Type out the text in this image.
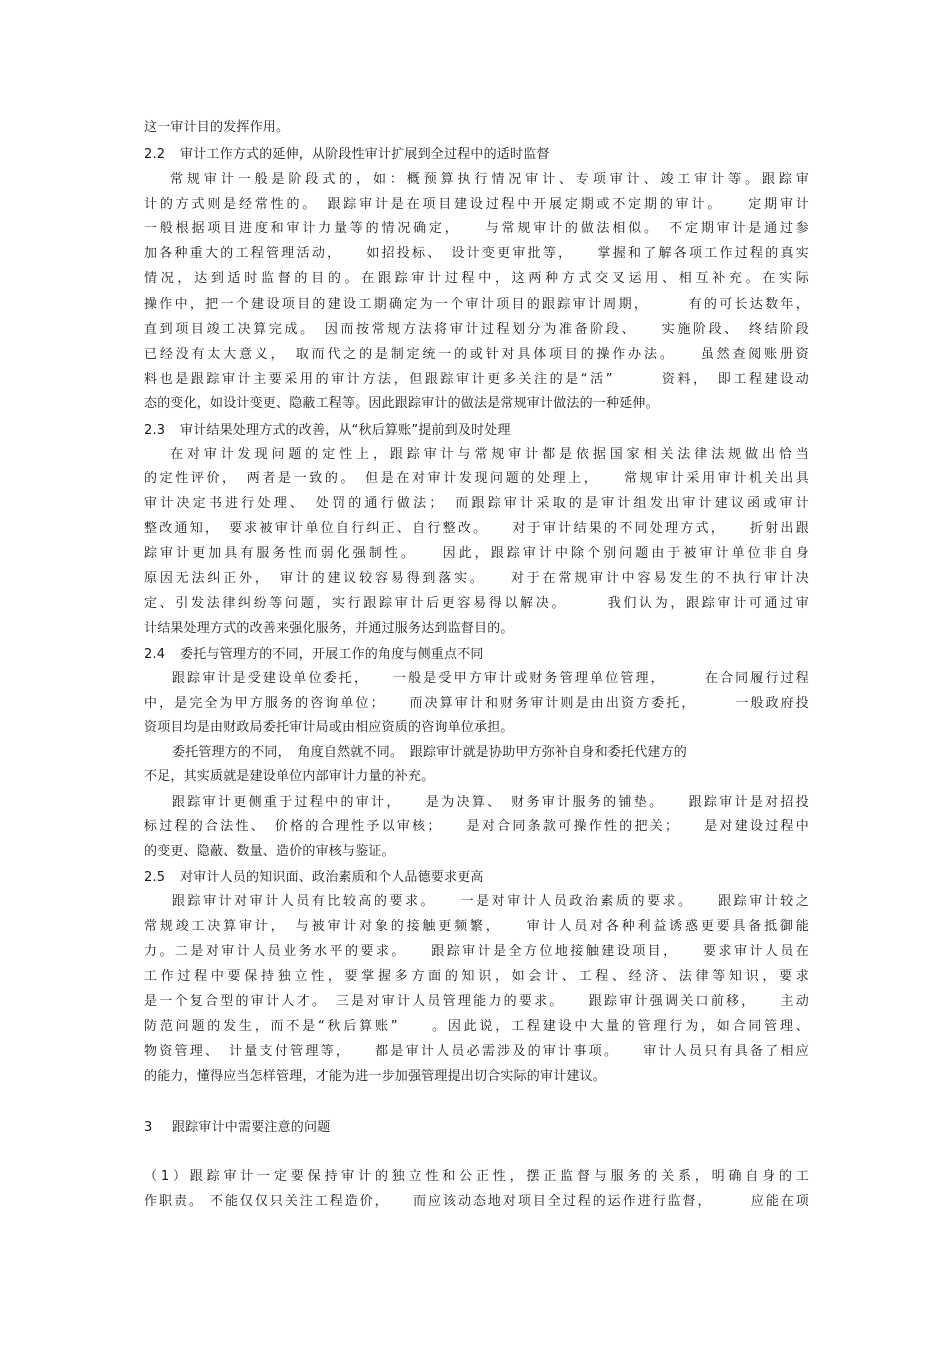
这一审计目的发挥作用。
2.2 审计工作方式的延伸，从阶段性审计扩展到全过程中的适时监督
常规审计一般是阶段式的，如：概预算执行情况审计、专项审计、竣工审计等。跟踪审
计的方式则是经常性的。　跟踪审计是在项目建设过程中开展定期或不定期的审计。　　定期审计
一般根据项目进度和审计力量等的情况确定，　　与常规审计的做法相似。　不定期审计是通过参
加各种重大的工程管理活动，　　如招投标、　设计变更审批等，　　掌握和了解各项工作过程的真实
情况，达到适时监督的目的。在跟踪审计过程中，这两种方式交叉运用、相互补充。在实际
操作中，把一个建设项目的建设工期确定为一个审计项目的跟踪审计周期，　　　有的可长达数年，
直到项目竣工决算完成。　因而按常规方法将审计过程划分为准备阶段、　　实施阶段、　终结阶段
已经没有太大意义，　取而代之的是制定统一的或针对具体项目的操作办法。　　虽然查阅账册资
料也是跟踪审计主要采用的审计方法，但跟踪审计更多关注的是“活”　　　资料，　即工程建设动
态的变化，如设计变更、隐蔽工程等。因此跟踪审计的做法是常规审计做法的一种延伸。
2.3 审计结果处理方式的改善，从“秋后算账”提前到及时处理
在对审计发现问题的定性上，跟踪审计与常规审计都是依据国家相关法律法规做出恰当
的定性评价，　两者是一致的。　但是在对审计发现问题的处理上，　　常规审计采用审计机关出具
审计决定书进行处理、　处罚的通行做法；　而跟踪审计采取的是审计组发出审计建议函或审计
整改通知，　要求被审计单位自行纠正、自行整改。　　对于审计结果的不同处理方式，　　折射出跟
踪审计更加具有服务性而弱化强制性。　　因此，跟踪审计中除个别问题由于被审计单位非自身
原因无法纠正外，　审计的建议较容易得到落实。　　对于在常规审计中容易发生的不执行审计决
定、引发法律纠纷等问题，实行跟踪审计后更容易得以解决。　　　我们认为，跟踪审计可通过审
计结果处理方式的改善来强化服务，并通过服务达到监督目的。
2.4 委托与管理方的不同，开展工作的角度与侧重点不同
跟踪审计是受建设单位委托，　　一般是受甲方审计或财务管理单位管理，　　　在合同履行过程
中，是完全为甲方服务的咨询单位；　　而决算审计和财务审计则是由出资方委托，　　　一般政府投
资项目均是由财政局委托审计局或由相应资质的咨询单位承担。
委托管理方的不同，　角度自然就不同。　跟踪审计就是协助甲方弥补自身和委托代建方的
不足，其实质就是建设单位内部审计力量的补充。
跟踪审计更侧重于过程中的审计，　　是为决算、　财务审计服务的铺垫。　　跟踪审计是对招投
标过程的合法性、　价格的合理性予以审核；　　是对合同条款可操作性的把关；　　是对建设过程中
的变更、隐蔽、数量、造价的审核与鉴证。
2.5 对审计人员的知识面、政治素质和个人品德要求更高
跟踪审计对审计人员有比较高的要求。　　一是对审计人员政治素质的要求。　　跟踪审计较之
常规竣工决算审计，　与被审计对象的接触更频繁，　　审计人员对各种利益诱惑更要具备抵御能
力。二是对审计人员业务水平的要求。　　跟踪审计是全方位地接触建设项目，　　要求审计人员在
工作过程中要保持独立性，要掌握多方面的知识，如会计、工程、经济、法律等知识，要求
是一个复合型的审计人才。　三是对审计人员管理能力的要求。　　跟踪审计强调关口前移，　　主动
防范问题的发生，而不是“秋后算账”　　。因此说，工程建设中大量的管理行为，如合同管理、
物资管理、　计量支付管理等，　　都是审计人员必需涉及的审计事项。　　审计人员只有具备了相应
的能力，懂得应当怎样管理，才能为进一步加强管理提出切合实际的审计建议。
3 跟踪审计中需要注意的问题
（1）跟踪审计一定要保持审计的独立性和公正性，摆正监督与服务的关系，明确自身的工
作职责。 不能仅仅只关注工程造价，　　而应该动态地对项目全过程的运作进行监督，　　　应能在项
